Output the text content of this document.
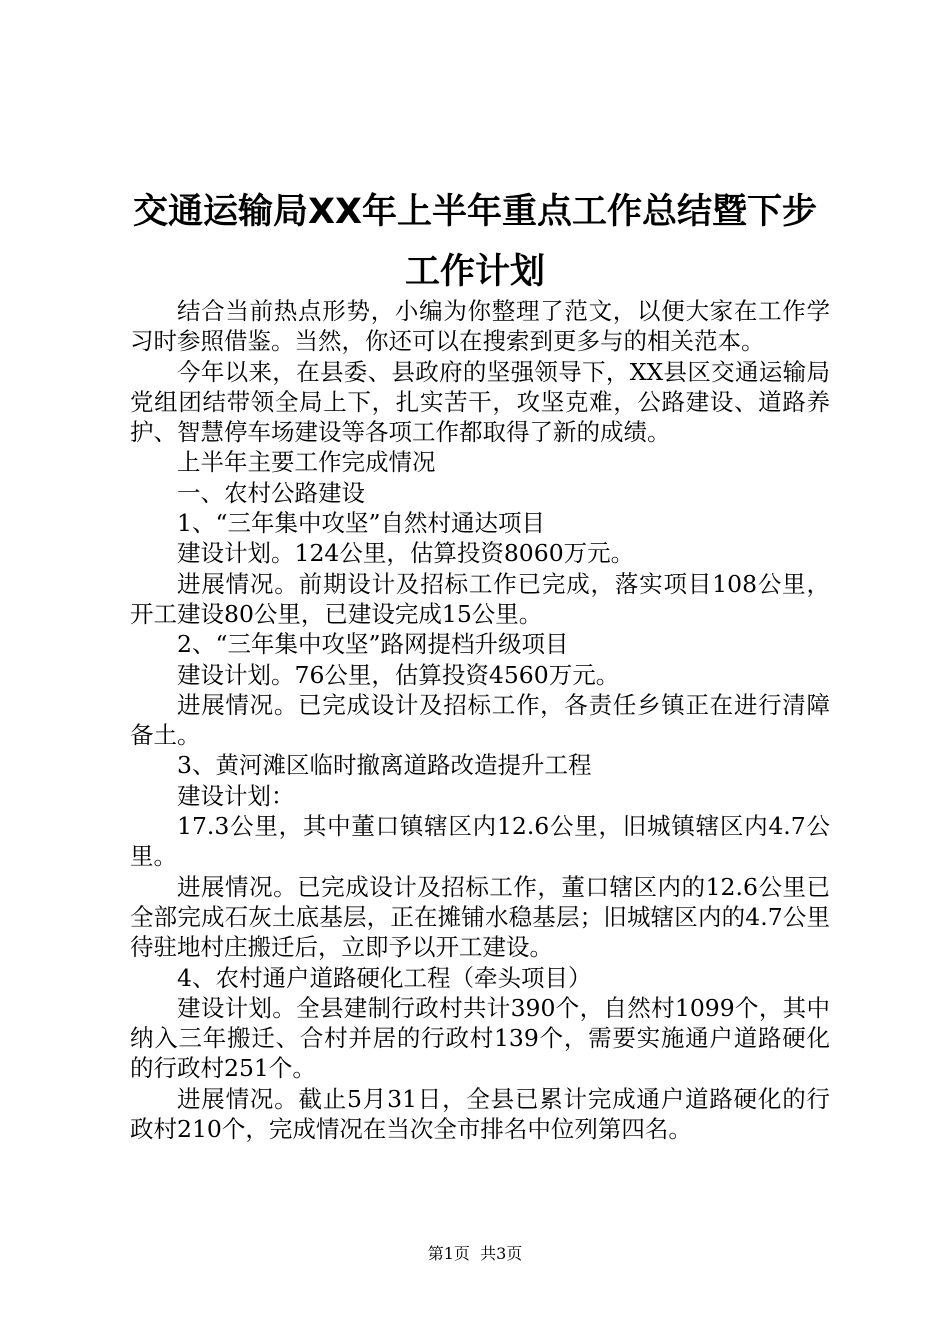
交通运输局XX年上半年重点工作总结暨下步
工作计划

结合当前热点形势，小编为你整理了范文，以便大家在工作学习时参照借鉴。当然，你还可以在搜索到更多与的相关范本。

今年以来，在县委、县政府的坚强领导下，XX县区交通运输局党组团结带领全局上下，扎实苦干，攻坚克难，公路建设、道路养护、智慧停车场建设等各项工作都取得了新的成绩。

上半年主要工作完成情况

一、农村公路建设

1、“三年集中攻坚”自然村通达项目

建设计划。124公里，估算投资8060万元。

进展情况。前期设计及招标工作已完成，落实项目108公里，开工建设80公里，已建设完成15公里。

2、“三年集中攻坚”路网提档升级项目

建设计划。76公里，估算投资4560万元。

进展情况。已完成设计及招标工作，各责任乡镇正在进行清障备土。

3、黄河滩区临时撤离道路改造提升工程

建设计划：

17.3公里，其中董口镇辖区内12.6公里，旧城镇辖区内4.7公里。

进展情况。已完成设计及招标工作，董口辖区内的12.6公里已全部完成石灰土底基层，正在摊铺水稳基层；旧城辖区内的4.7公里待驻地村庄搬迁后，立即予以开工建设。

4、农村通户道路硬化工程（牵头项目）

建设计划。全县建制行政村共计390个，自然村1099个，其中纳入三年搬迁、合村并居的行政村139个，需要实施通户道路硬化的行政村251个。

进展情况。截止5月31日，全县已累计完成通户道路硬化的行政村210个，完成情况在当次全市排名中位列第四名。

第1页  共3页
